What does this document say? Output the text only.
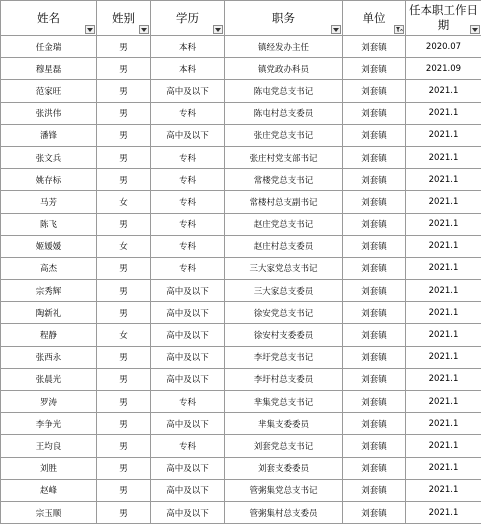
姓名	姓别	学历	职务	单位	任本职工作日期

任金瑞	男	本科	镇经发办主任	刘套镇	2020.07
穆星磊	男	本科	镇党政办科员	刘套镇	2021.09
范家旺	男	高中及以下	陈屯党总支书记	刘套镇	2021.1
张洪伟	男	专科	陈屯村总支委员	刘套镇	2021.1
潘锋	男	高中及以下	张庄党总支书记	刘套镇	2021.1
张文兵	男	专科	张庄村党支部书记	刘套镇	2021.1
姚存标	男	专科	常楼党总支书记	刘套镇	2021.1
马芳	女	专科	常楼村总支副书记	刘套镇	2021.1
陈飞	男	专科	赵庄党总支书记	刘套镇	2021.1
姬媛媛	女	专科	赵庄村总支委员	刘套镇	2021.1
高杰	男	专科	三大家党总支书记	刘套镇	2021.1
宗秀辉	男	高中及以下	三大家总支委员	刘套镇	2021.1
陶新礼	男	高中及以下	徐安党总支书记	刘套镇	2021.1
程静	女	高中及以下	徐安村支委委员	刘套镇	2021.1
张西永	男	高中及以下	李圩党总支书记	刘套镇	2021.1
张晨光	男	高中及以下	李圩村总支委员	刘套镇	2021.1
罗涛	男	专科	芈集党总支书记	刘套镇	2021.1
李争光	男	高中及以下	芈集支委委员	刘套镇	2021.1
王均良	男	专科	刘套党总支书记	刘套镇	2021.1
刘胜	男	高中及以下	刘套支委委员	刘套镇	2021.1
赵峰	男	高中及以下	管粥集党总支书记	刘套镇	2021.1
宗玉顺	男	高中及以下	管粥集村总支委员	刘套镇	2021.1
